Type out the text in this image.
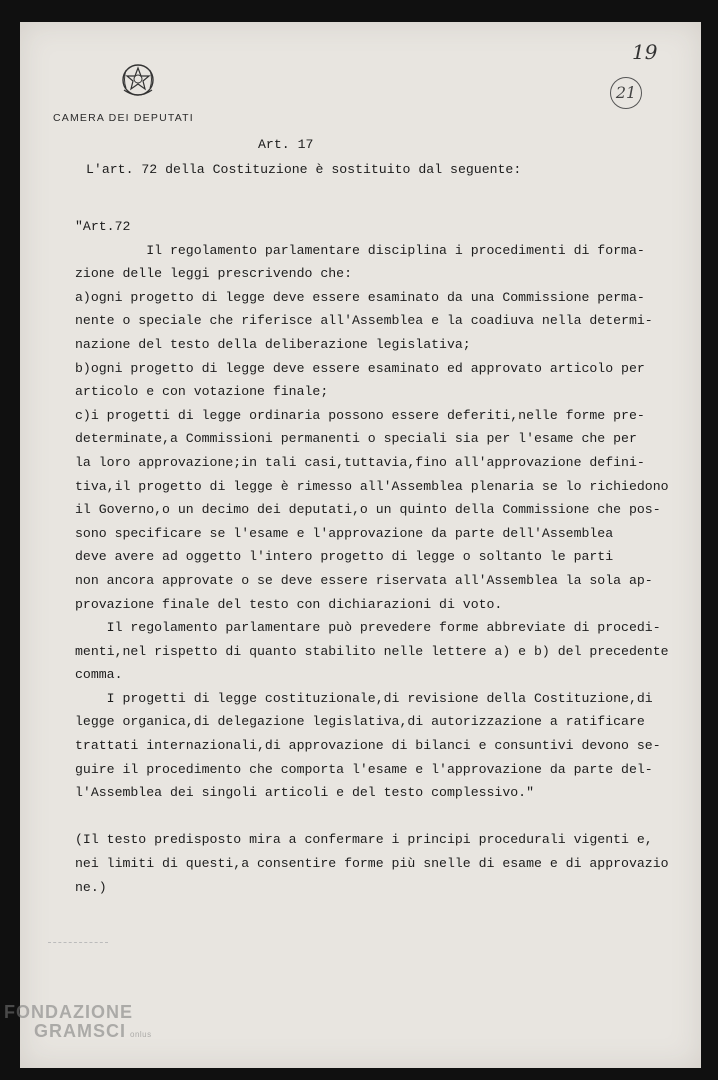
CAMERA DEI DEPUTATI
19
21
Art. 17
L'art. 72 della Costituzione è sostituito dal seguente:
"Art.72
Il regolamento parlamentare disciplina i procedimenti di forma-
zione delle leggi prescrivendo che:
a)ogni progetto di legge deve essere esaminato da una Commissione perma-
nente o speciale che riferisce all'Assemblea e la coadiuva nella determi-
nazione del testo della deliberazione legislativa;
b)ogni progetto di legge deve essere esaminato ed approvato articolo per
articolo e con votazione finale;
c)i progetti di legge ordinaria possono essere deferiti,nelle forme pre-
determinate,a Commissioni permanenti o speciali sia per l'esame che per
la loro approvazione;in tali casi,tuttavia,fino all'approvazione defini-
tiva,il progetto di legge è rimesso all'Assemblea plenaria se lo richiedono
il Governo,o un decimo dei deputati,o un quinto della Commissione che pos-
sono specificare se l'esame e l'approvazione da parte dell'Assemblea
deve avere ad oggetto l'intero progetto di legge o soltanto le parti
non ancora approvate o se deve essere riservata all'Assemblea la sola ap-
provazione finale del testo con dichiarazioni di voto.
Il regolamento parlamentare può prevedere forme abbreviate di procedi-
menti,nel rispetto di quanto stabilito nelle lettere a) e b) del precedente
comma.
I progetti di legge costituzionale,di revisione della Costituzione,di
legge organica,di delegazione legislativa,di autorizzazione a ratificare
trattati internazionali,di approvazione di bilanci e consuntivi devono se-
guire il procedimento che comporta l'esame e l'approvazione da parte del-
l'Assemblea dei singoli articoli e del testo complessivo."
(Il testo predisposto mira a confermare i principi procedurali vigenti e,
nei limiti di questi,a consentire forme più snelle di esame e di approvazio
ne.)
FONDAZIONE
GRAMSCI onlus
